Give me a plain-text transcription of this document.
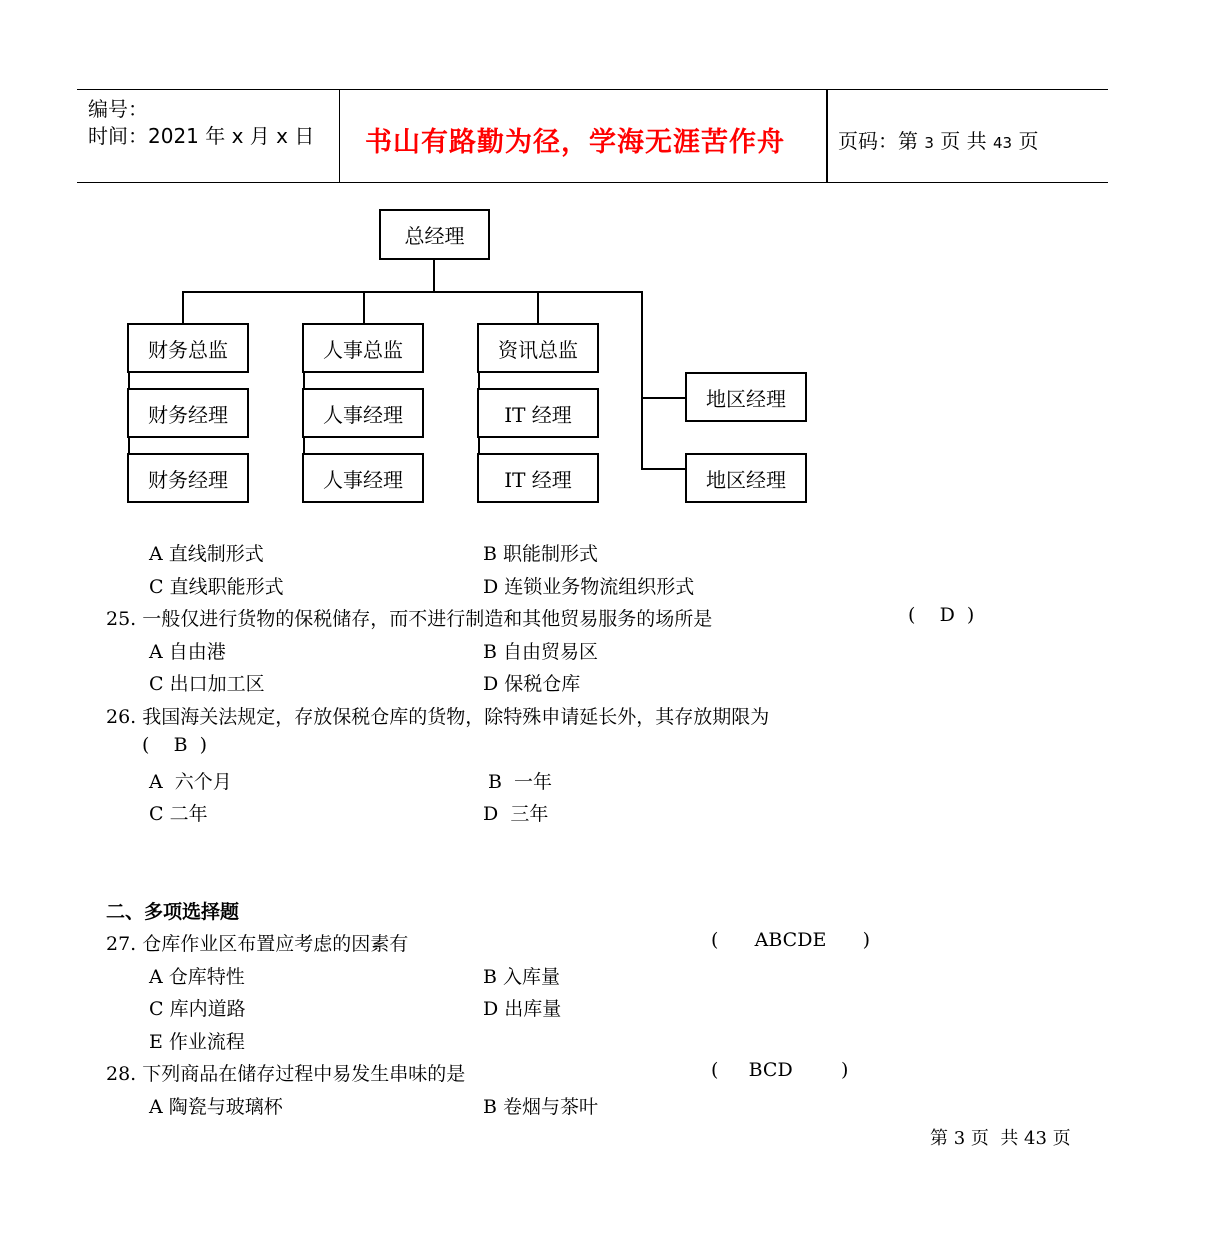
编号：
时间：2021 年 x 月 x 日 书山有路勤为径，学海无涯苦作舟	页码：第 3 页 共 43 页
总经理
财务总监
财务经理
财务经理
人事总监
人事经理
人事经理
资讯总监
IT 经理
IT 经理
地区经理
地区经理
A 直线制形式	B 职能制形式
C 直线职能形式	D 连锁业务物流组织形式
25. 一般仅进行货物的保税储存，而不进行制造和其他贸易服务的场所是	(    D  )
A 自由港	B 自由贸易区
C 出口加工区	D 保税仓库
26. 我国海关法规定，存放保税仓库的货物，除特殊申请延长外，其存放期限为
(    B  )
A  六个月	B  一年
C 二年	D  三年
二、多项选择题
27. 仓库作业区布置应考虑的因素有	(      ABCDE      )
A 仓库特性	B 入库量
C 库内道路	D 出库量
E 作业流程
28. 下列商品在储存过程中易发生串味的是	(     BCD        )
A 陶瓷与玻璃杯	B 卷烟与茶叶
第 3 页  共 43 页
